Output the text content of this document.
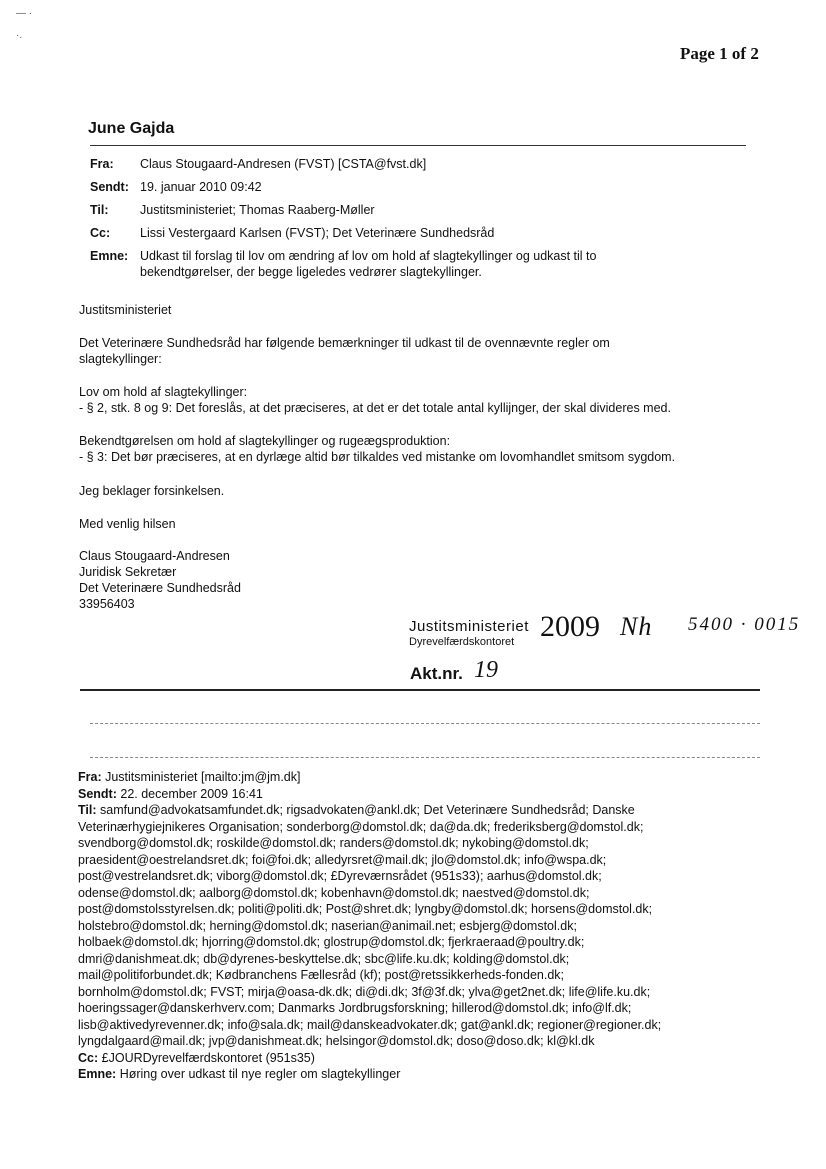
— ·

·.
Page 1 of 2
June Gajda
Fra:	Claus Stougaard-Andresen (FVST) [CSTA@fvst.dk]
Sendt: 19. januar 2010 09:42
Til:	Justitsministeriet; Thomas Raaberg-Møller
Cc:	Lissi Vestergaard Karlsen (FVST); Det Veterinære Sundhedsråd
Emne: Udkast til forslag til lov om ændring af lov om hold af slagtekyllinger og udkast til to
bekendtgørelser, der begge ligeledes vedrører slagtekyllinger.
Justitsministeriet
Det Veterinære Sundhedsråd har følgende bemærkninger til udkast til de ovennævnte regler om
slagtekyllinger:
Lov om hold af slagtekyllinger:
- § 2, stk. 8 og 9: Det foreslås, at det præciseres, at det er det totale antal kyllijnger, der skal divideres med.
Bekendtgørelsen om hold af slagtekyllinger og rugeægsproduktion:
- § 3: Det bør præciseres, at en dyrlæge altid bør tilkaldes ved mistanke om lovomhandlet smitsom sygdom.
Jeg beklager forsinkelsen.
Med venlig hilsen
Claus Stougaard-Andresen
Juridisk Sekretær
Det Veterinære Sundhedsråd
33956403
Justitsministeriet
Dyrevelfærdskontoret 2009 Nh 5400 · 0015
Akt.nr. 19
Fra: Justitsministeriet [mailto:jm@jm.dk]
Sendt: 22. december 2009 16:41
Til: samfund@advokatsamfundet.dk; rigsadvokaten@ankl.dk; Det Veterinære Sundhedsråd; Danske
Veterinærhygiejnikeres Organisation; sonderborg@domstol.dk; da@da.dk; frederiksberg@domstol.dk;
svendborg@domstol.dk; roskilde@domstol.dk; randers@domstol.dk; nykobing@domstol.dk;
praesident@oestrelandsret.dk; foi@foi.dk; alledyrsret@mail.dk; jlo@domstol.dk; info@wspa.dk;
post@vestrelandsret.dk; viborg@domstol.dk; £Dyreværnsrådet (951s33); aarhus@domstol.dk;
odense@domstol.dk; aalborg@domstol.dk; kobenhavn@domstol.dk; naestved@domstol.dk;
post@domstolsstyrelsen.dk; politi@politi.dk; Post@shret.dk; lyngby@domstol.dk; horsens@domstol.dk;
holstebro@domstol.dk; herning@domstol.dk; naserian@animail.net; esbjerg@domstol.dk;
holbaek@domstol.dk; hjorring@domstol.dk; glostrup@domstol.dk; fjerkraeraad@poultry.dk;
dmri@danishmeat.dk; db@dyrenes-beskyttelse.dk; sbc@life.ku.dk; kolding@domstol.dk;
mail@politiforbundet.dk; Kødbranchens Fællesråd (kf); post@retssikkerheds-fonden.dk;
bornholm@domstol.dk; FVST; mirja@oasa-dk.dk; di@di.dk; 3f@3f.dk; ylva@get2net.dk; life@life.ku.dk;
hoeringssager@danskerhverv.com; Danmarks Jordbrugsforskning; hillerod@domstol.dk; info@lf.dk;
lisb@aktivedyrevenner.dk; info@sala.dk; mail@danskeadvokater.dk; gat@ankl.dk; regioner@regioner.dk;
lyngdalgaard@mail.dk; jvp@danishmeat.dk; helsingor@domstol.dk; doso@doso.dk; kl@kl.dk
Cc: £JOURDyrevelfærdskontoret (951s35)
Emne: Høring over udkast til nye regler om slagtekyllinger
